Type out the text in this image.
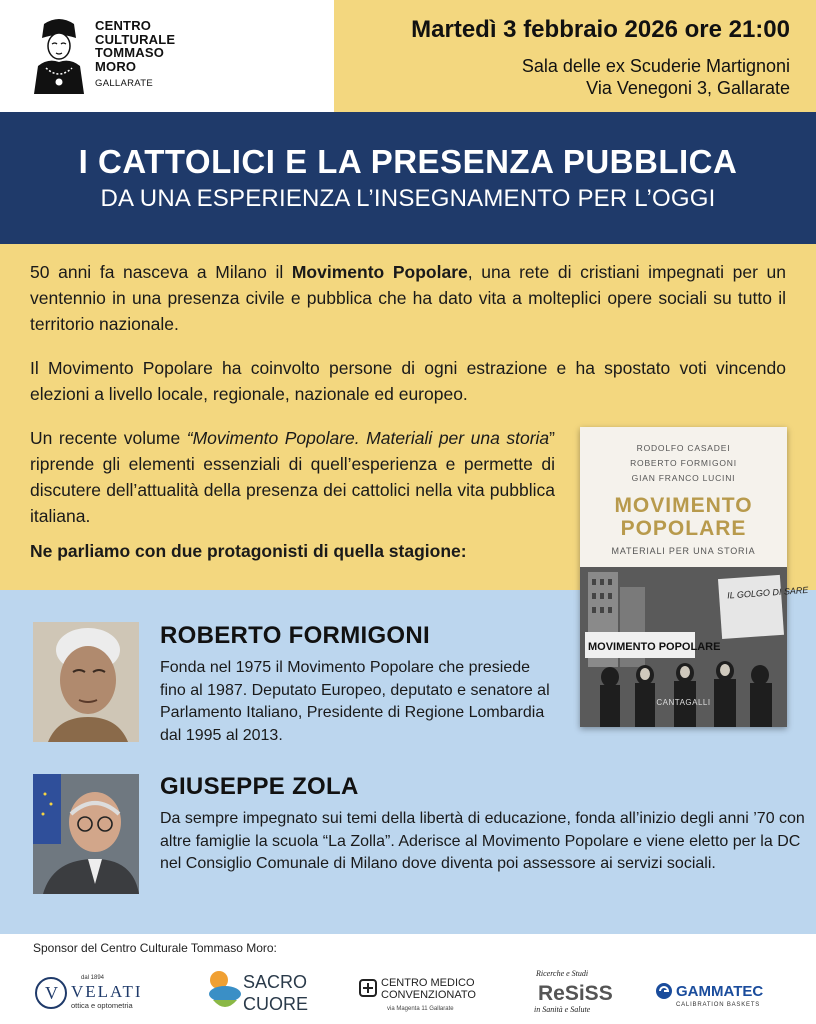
CENTRO
CULTURALE
TOMMASO
MORO
GALLARATE
Martedì 3 febbraio 2026 ore 21:00
Sala delle ex Scuderie Martignoni
Via Venegoni 3, Gallarate
I CATTOLICI E LA PRESENZA PUBBLICA
DA UNA ESPERIENZA L’INSEGNAMENTO PER L’OGGI

50 anni fa nasceva a Milano il Movimento Popolare, una rete di cristiani impegnati per un ventennio in una presenza civile e pubblica che ha dato vita a molteplici opere sociali su tutto il territorio nazionale.

Il Movimento Popolare ha coinvolto persone di ogni estrazione e ha spostato voti vincendo elezioni a livello locale, regionale, nazionale ed europeo.

Un recente volume “Movimento Popolare. Materiali per una storia” riprende gli elementi essenziali di quell’esperienza e permette di discutere dell’attualità della presenza dei cattolici nella vita pubblica italiana.

Ne parliamo con due protagonisti di quella stagione:
RODOLFO CASADEI
ROBERTO FORMIGONI
GIAN FRANCO LUCINI
MOVIMENTO
POPOLARE
MATERIALI PER UNA STORIA
IL GOLGO DI SARE
MOVIMENTO POPOLARE
CANTAGALLI
ROBERTO FORMIGONI
Fonda nel 1975 il Movimento Popolare che presiede fino al 1987. Deputato Europeo, deputato e senatore al Parlamento Italiano, Presidente di Regione Lombardia dal 1995 al 2013.
GIUSEPPE ZOLA
Da sempre impegnato sui temi della libertà di educazione, fonda all’inizio degli anni ’70 con altre famiglie la scuola “La Zolla”. Aderisce al Movimento Popolare e viene eletto per la DC nel Consiglio Comunale di Milano dove diventa poi assessore ai servizi sociali.
Sponsor del Centro Culturale Tommaso Moro:
V
dal 1894
VELATI
ottica e optometria
SACRO
CUORE
CENTRO MEDICO
CONVENZIONATO
via Magenta 11 Gallarate
Ricerche e Studi
ReSiSS
in Sanità e Salute
GAMMATEC
CALIBRATION BASKETS
